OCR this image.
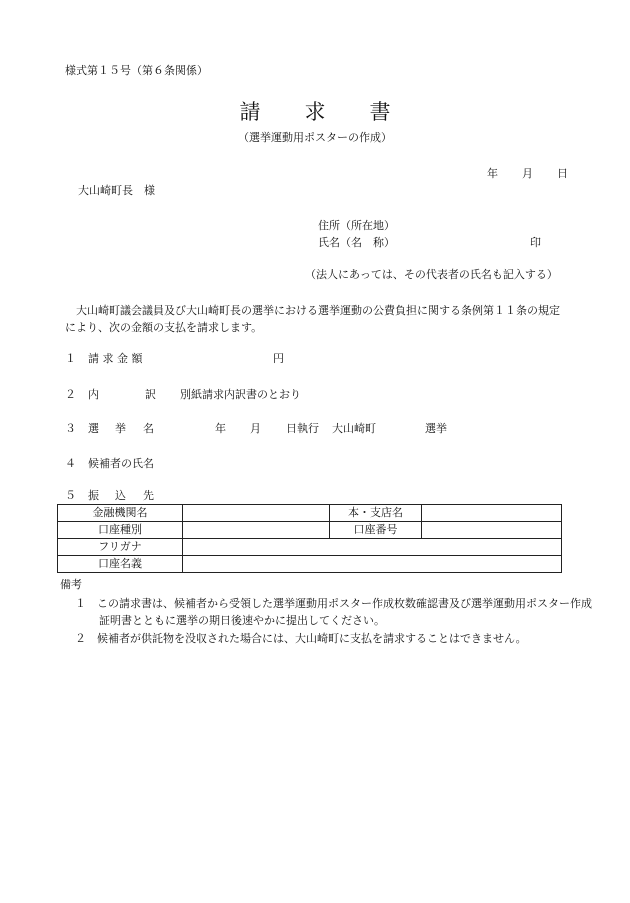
様式第１５号（第６条関係）
請 求 書
（選挙運動用ポスターの作成）
年 月 日
大山崎町長　様
住所（所在地）
氏名（名　称）	印
（法人にあっては、その代表者の氏名も記入する）
大山崎町議会議員及び大山崎町長の選挙における選挙運動の公費負担に関する条例第１１条の規定により、次の金額の支払を請求します。
１ 請 求 金 額	円
２ 内	訳 別紙請求内訳書のとおり
３ 選 挙 名	年 月 日執行 大山崎町	選挙
４ 候補者の氏名
５ 振 込 先
金融機関名		本・支店名	
口座種別		口座番号	
フリガナ			
口座名義			
備考
１　 この請求書は、候補者から受領した選挙運動用ポスター作成枚数確認書及び選挙運動用ポスター作成証明書とともに選挙の期日後速やかに提出してください。
２　 候補者が供託物を没収された場合には、大山崎町に支払を請求することはできません。
